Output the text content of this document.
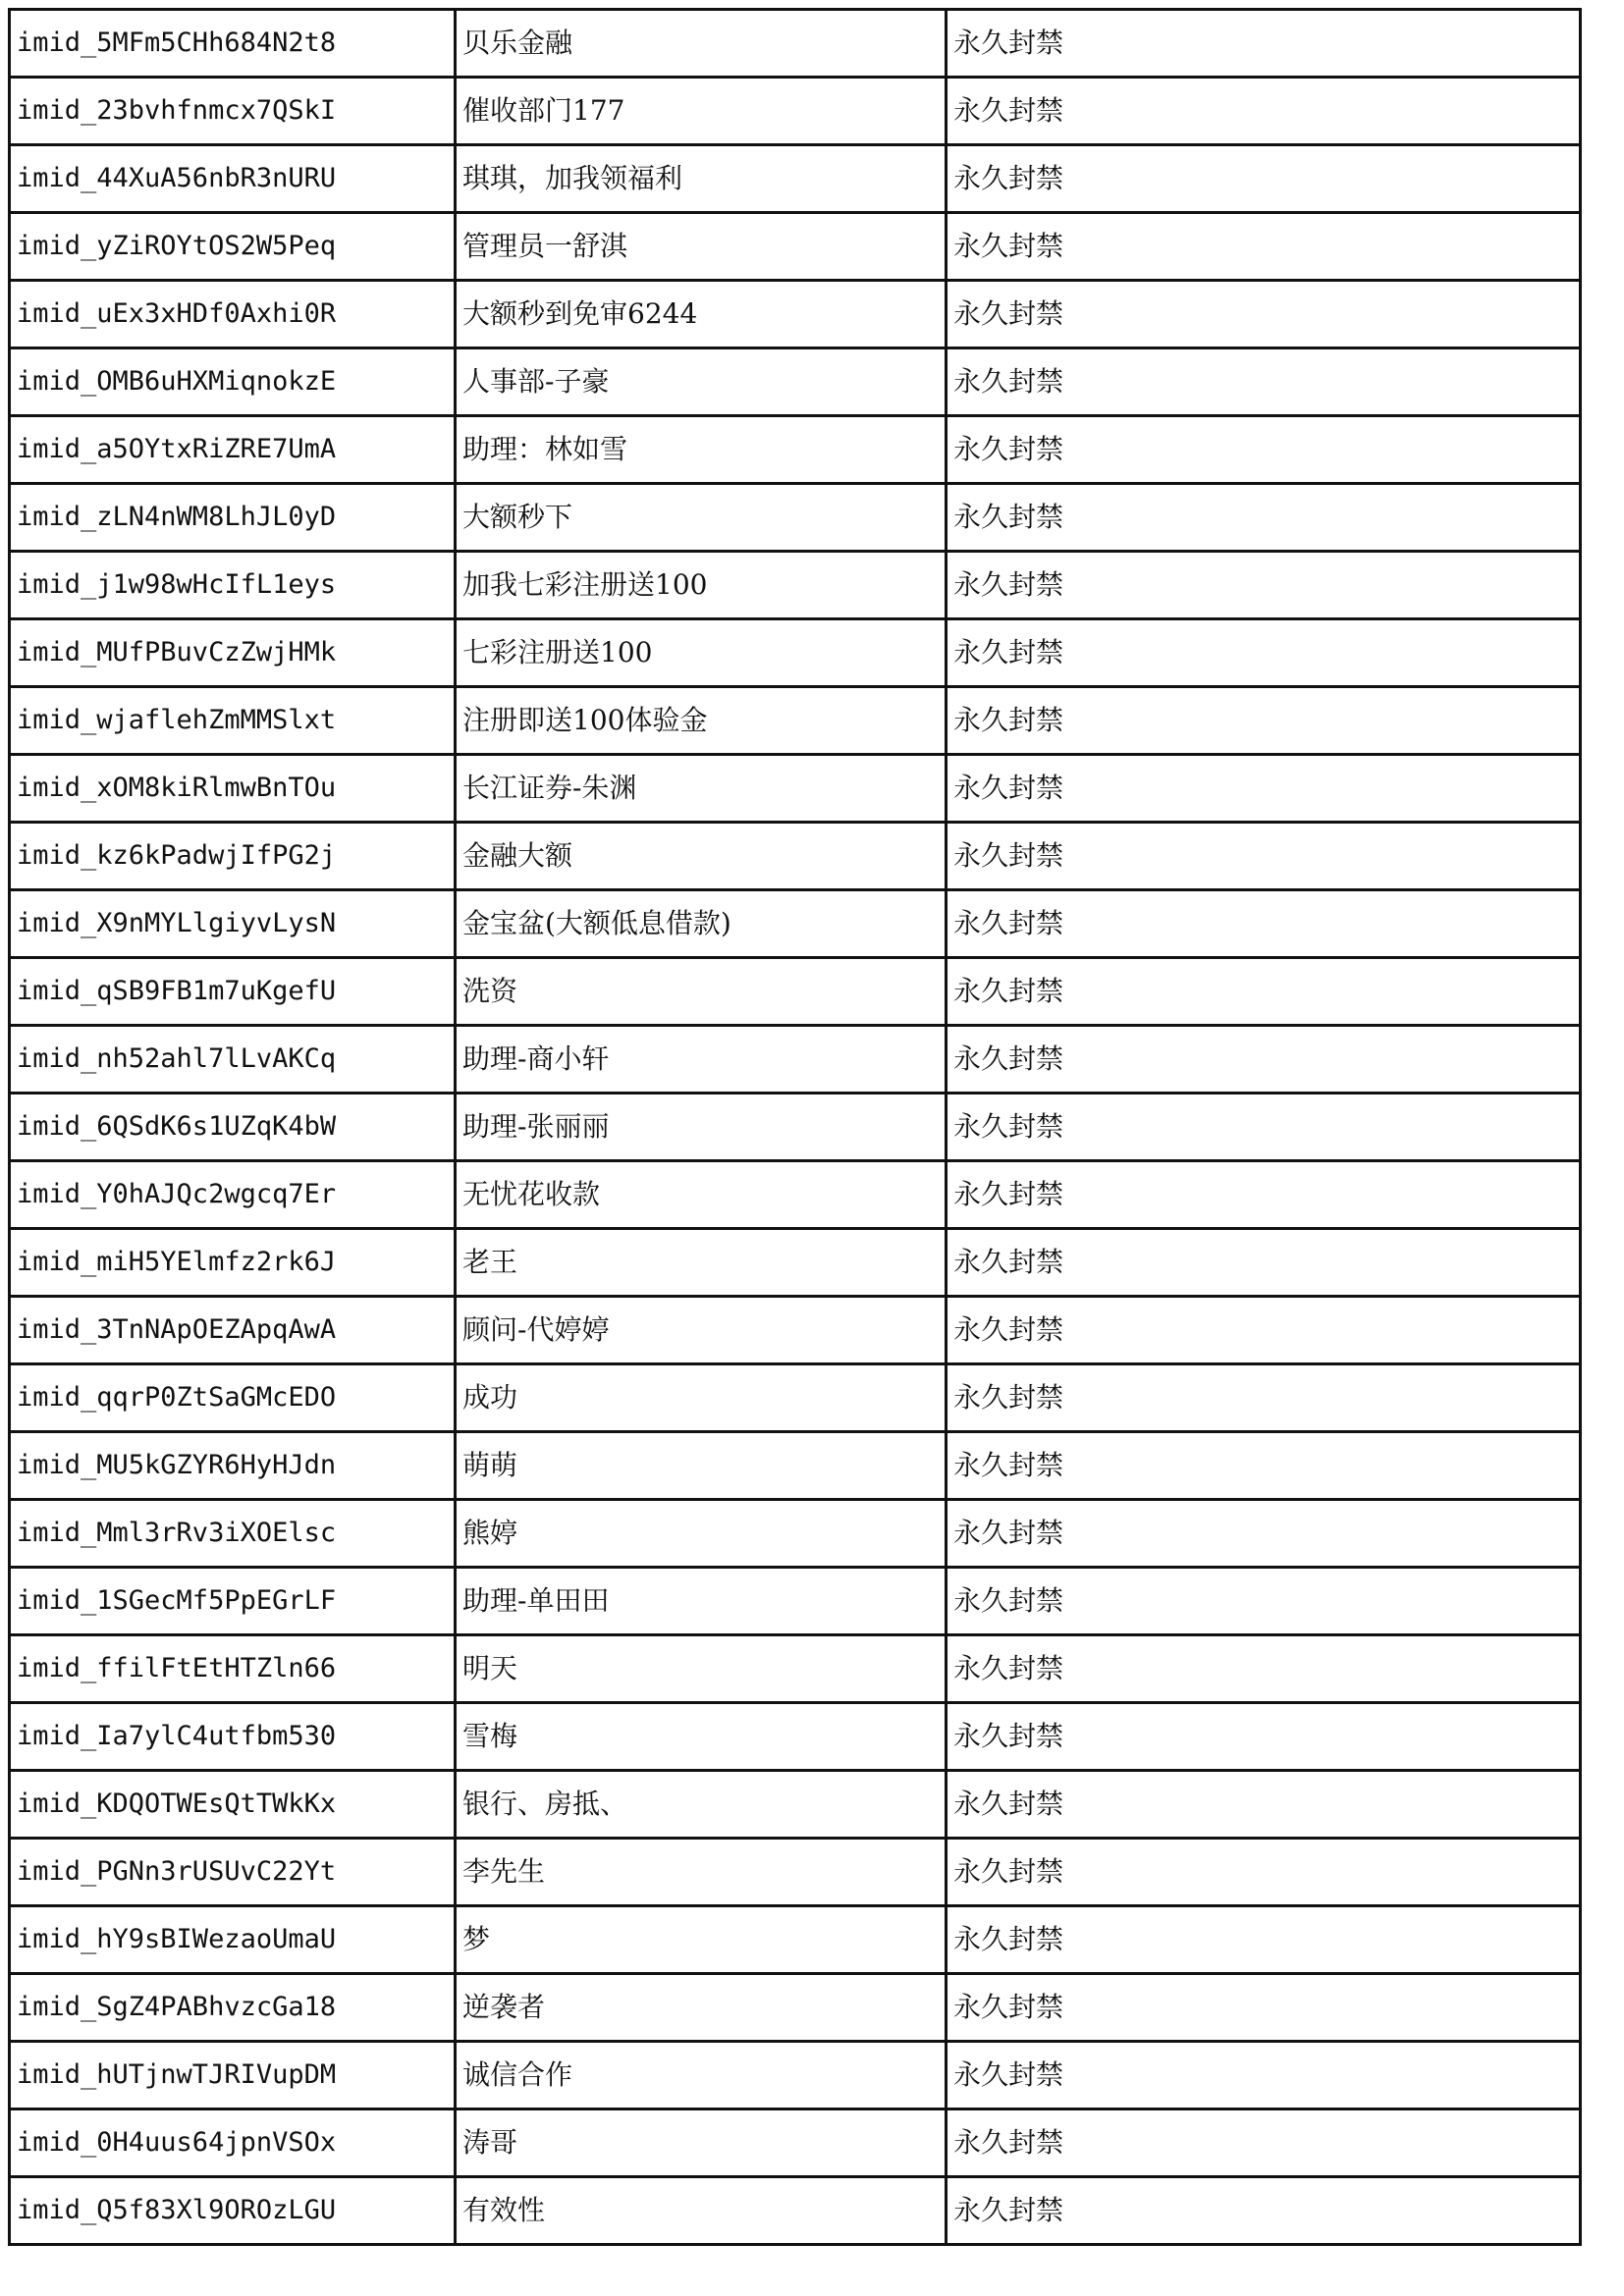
imid_5MFm5CHh684N2t8	贝乐金融	永久封禁
imid_23bvhfnmcx7QSkI	催收部门177	永久封禁
imid_44XuA56nbR3nURU	琪琪，加我领福利	永久封禁
imid_yZiROYtOS2W5Peq	管理员一舒淇	永久封禁
imid_uEx3xHDf0Axhi0R	大额秒到免审6244	永久封禁
imid_OMB6uHXMiqnokzE	人事部-子豪	永久封禁
imid_a5OYtxRiZRE7UmA	助理：林如雪	永久封禁
imid_zLN4nWM8LhJL0yD	大额秒下	永久封禁
imid_j1w98wHcIfL1eys	加我七彩注册送100	永久封禁
imid_MUfPBuvCzZwjHMk	七彩注册送100	永久封禁
imid_wjaflehZmMMSlxt	注册即送100体验金	永久封禁
imid_xOM8kiRlmwBnTOu	长江证券-朱渊	永久封禁
imid_kz6kPadwjIfPG2j	金融大额	永久封禁
imid_X9nMYLlgiyvLysN	金宝盆(大额低息借款)	永久封禁
imid_qSB9FB1m7uKgefU	洗资	永久封禁
imid_nh52ahl7lLvAKCq	助理-商小轩	永久封禁
imid_6QSdK6s1UZqK4bW	助理-张丽丽	永久封禁
imid_Y0hAJQc2wgcq7Er	无忧花收款	永久封禁
imid_miH5YElmfz2rk6J	老王	永久封禁
imid_3TnNApOEZApqAwA	顾问-代婷婷	永久封禁
imid_qqrP0ZtSaGMcEDO	成功	永久封禁
imid_MU5kGZYR6HyHJdn	萌萌	永久封禁
imid_Mml3rRv3iXOElsc	熊婷	永久封禁
imid_1SGecMf5PpEGrLF	助理-单田田	永久封禁
imid_ffilFtEtHTZln66	明天	永久封禁
imid_Ia7ylC4utfbm530	雪梅	永久封禁
imid_KDQOTWEsQtTWkKx	银行、房抵、	永久封禁
imid_PGNn3rUSUvC22Yt	李先生	永久封禁
imid_hY9sBIWezaoUmaU	梦	永久封禁
imid_SgZ4PABhvzcGa18	逆袭者	永久封禁
imid_hUTjnwTJRIVupDM	诚信合作	永久封禁
imid_0H4uus64jpnVSOx	涛哥	永久封禁
imid_Q5f83Xl9ORОzLGU	有效性	永久封禁
